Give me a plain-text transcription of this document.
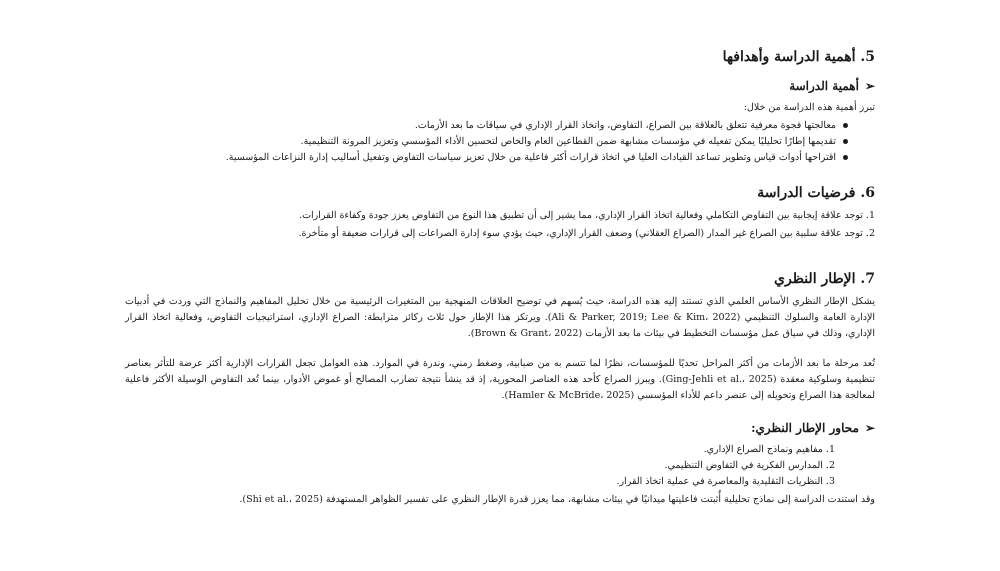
5. أهمية الدراسة وأهدافها
➢أهمية الدراسة

تبرز أهمية هذه الدراسة من خلال:

معالجتها فجوة معرفية تتعلق بالعلاقة بين الصراع، التفاوض، واتخاذ القرار الإداري في سياقات ما بعد الأزمات.
تقديمها إطارًا تحليليًا يمكن تفعيله في مؤسسات مشابهة ضمن القطاعين العام والخاص لتحسين الأداء المؤسسي وتعزيز المرونة التنظيمية.
اقتراحها أدوات قياس وتطوير تساعد القيادات العليا في اتخاذ قرارات أكثر فاعلية من خلال تعزيز سياسات التفاوض وتفعيل أساليب إدارة النزاعات المؤسسية.
6. فرضيات الدراسة
1. توجد علاقة إيجابية بين التفاوض التكاملي وفعالية اتخاذ القرار الإداري، مما يشير إلى أن تطبيق هذا النوع من التفاوض يعزز جودة وكفاءة القرارات.
2. توجد علاقة سلبية بين الصراع غير المدار (الصراع العقلاني) وضعف القرار الإداري، حيث يؤدي سوء إدارة الصراعات إلى قرارات ضعيفة أو متأخرة.
7. الإطار النظري

يشكل الإطار النظري الأساس العلمي الذي تستند إليه هذه الدراسة، حيث يُسهم في توضيح العلاقات المنهجية بين المتغيرات الرئيسية من خلال تحليل المفاهيم والنماذج التي وردت في أدبيات الإدارة العامة والسلوك التنظيمي (Ali & Parker, 2019; Lee & Kim، 2022). ويرتكز هذا الإطار حول ثلاث ركائز مترابطة: الصراع الإداري، استراتيجيات التفاوض، وفعالية اتخاذ القرار الإداري، وذلك في سياق عمل مؤسسات التخطيط في بيئات ما بعد الأزمات (Brown & Grant، 2022).

تُعد مرحلة ما بعد الأزمات من أكثر المراحل تحديًا للمؤسسات، نظرًا لما تتسم به من ضبابية، وضغط زمني، وندرة في الموارد. هذه العوامل تجعل القرارات الإدارية أكثر عرضة للتأثر بعناصر تنظيمية وسلوكية معقدة (Ging-Jehli et al.، 2025). ويبرز الصراع كأحد هذه العناصر المحورية، إذ قد ينشأ نتيجة تضارب المصالح أو غموض الأدوار، بينما تُعد التفاوض الوسيلة الأكثر فاعلية لمعالجة هذا الصراع وتحويله إلى عنصر داعم للأداء المؤسسي (Hamler & McBride، 2025).

➢محاور الإطار النظري:
1. مفاهيم ونماذج الصراع الإداري.
2. المدارس الفكرية في التفاوض التنظيمي.
3. النظريات التقليدية والمعاصرة في عملية اتخاذ القرار.

وقد استندت الدراسة إلى نماذج تحليلية أُثبتت فاعليتها ميدانيًا في بيئات مشابهة، مما يعزز قدرة الإطار النظري على تفسير الظواهر المستهدفة (Shi et al.، 2025).
